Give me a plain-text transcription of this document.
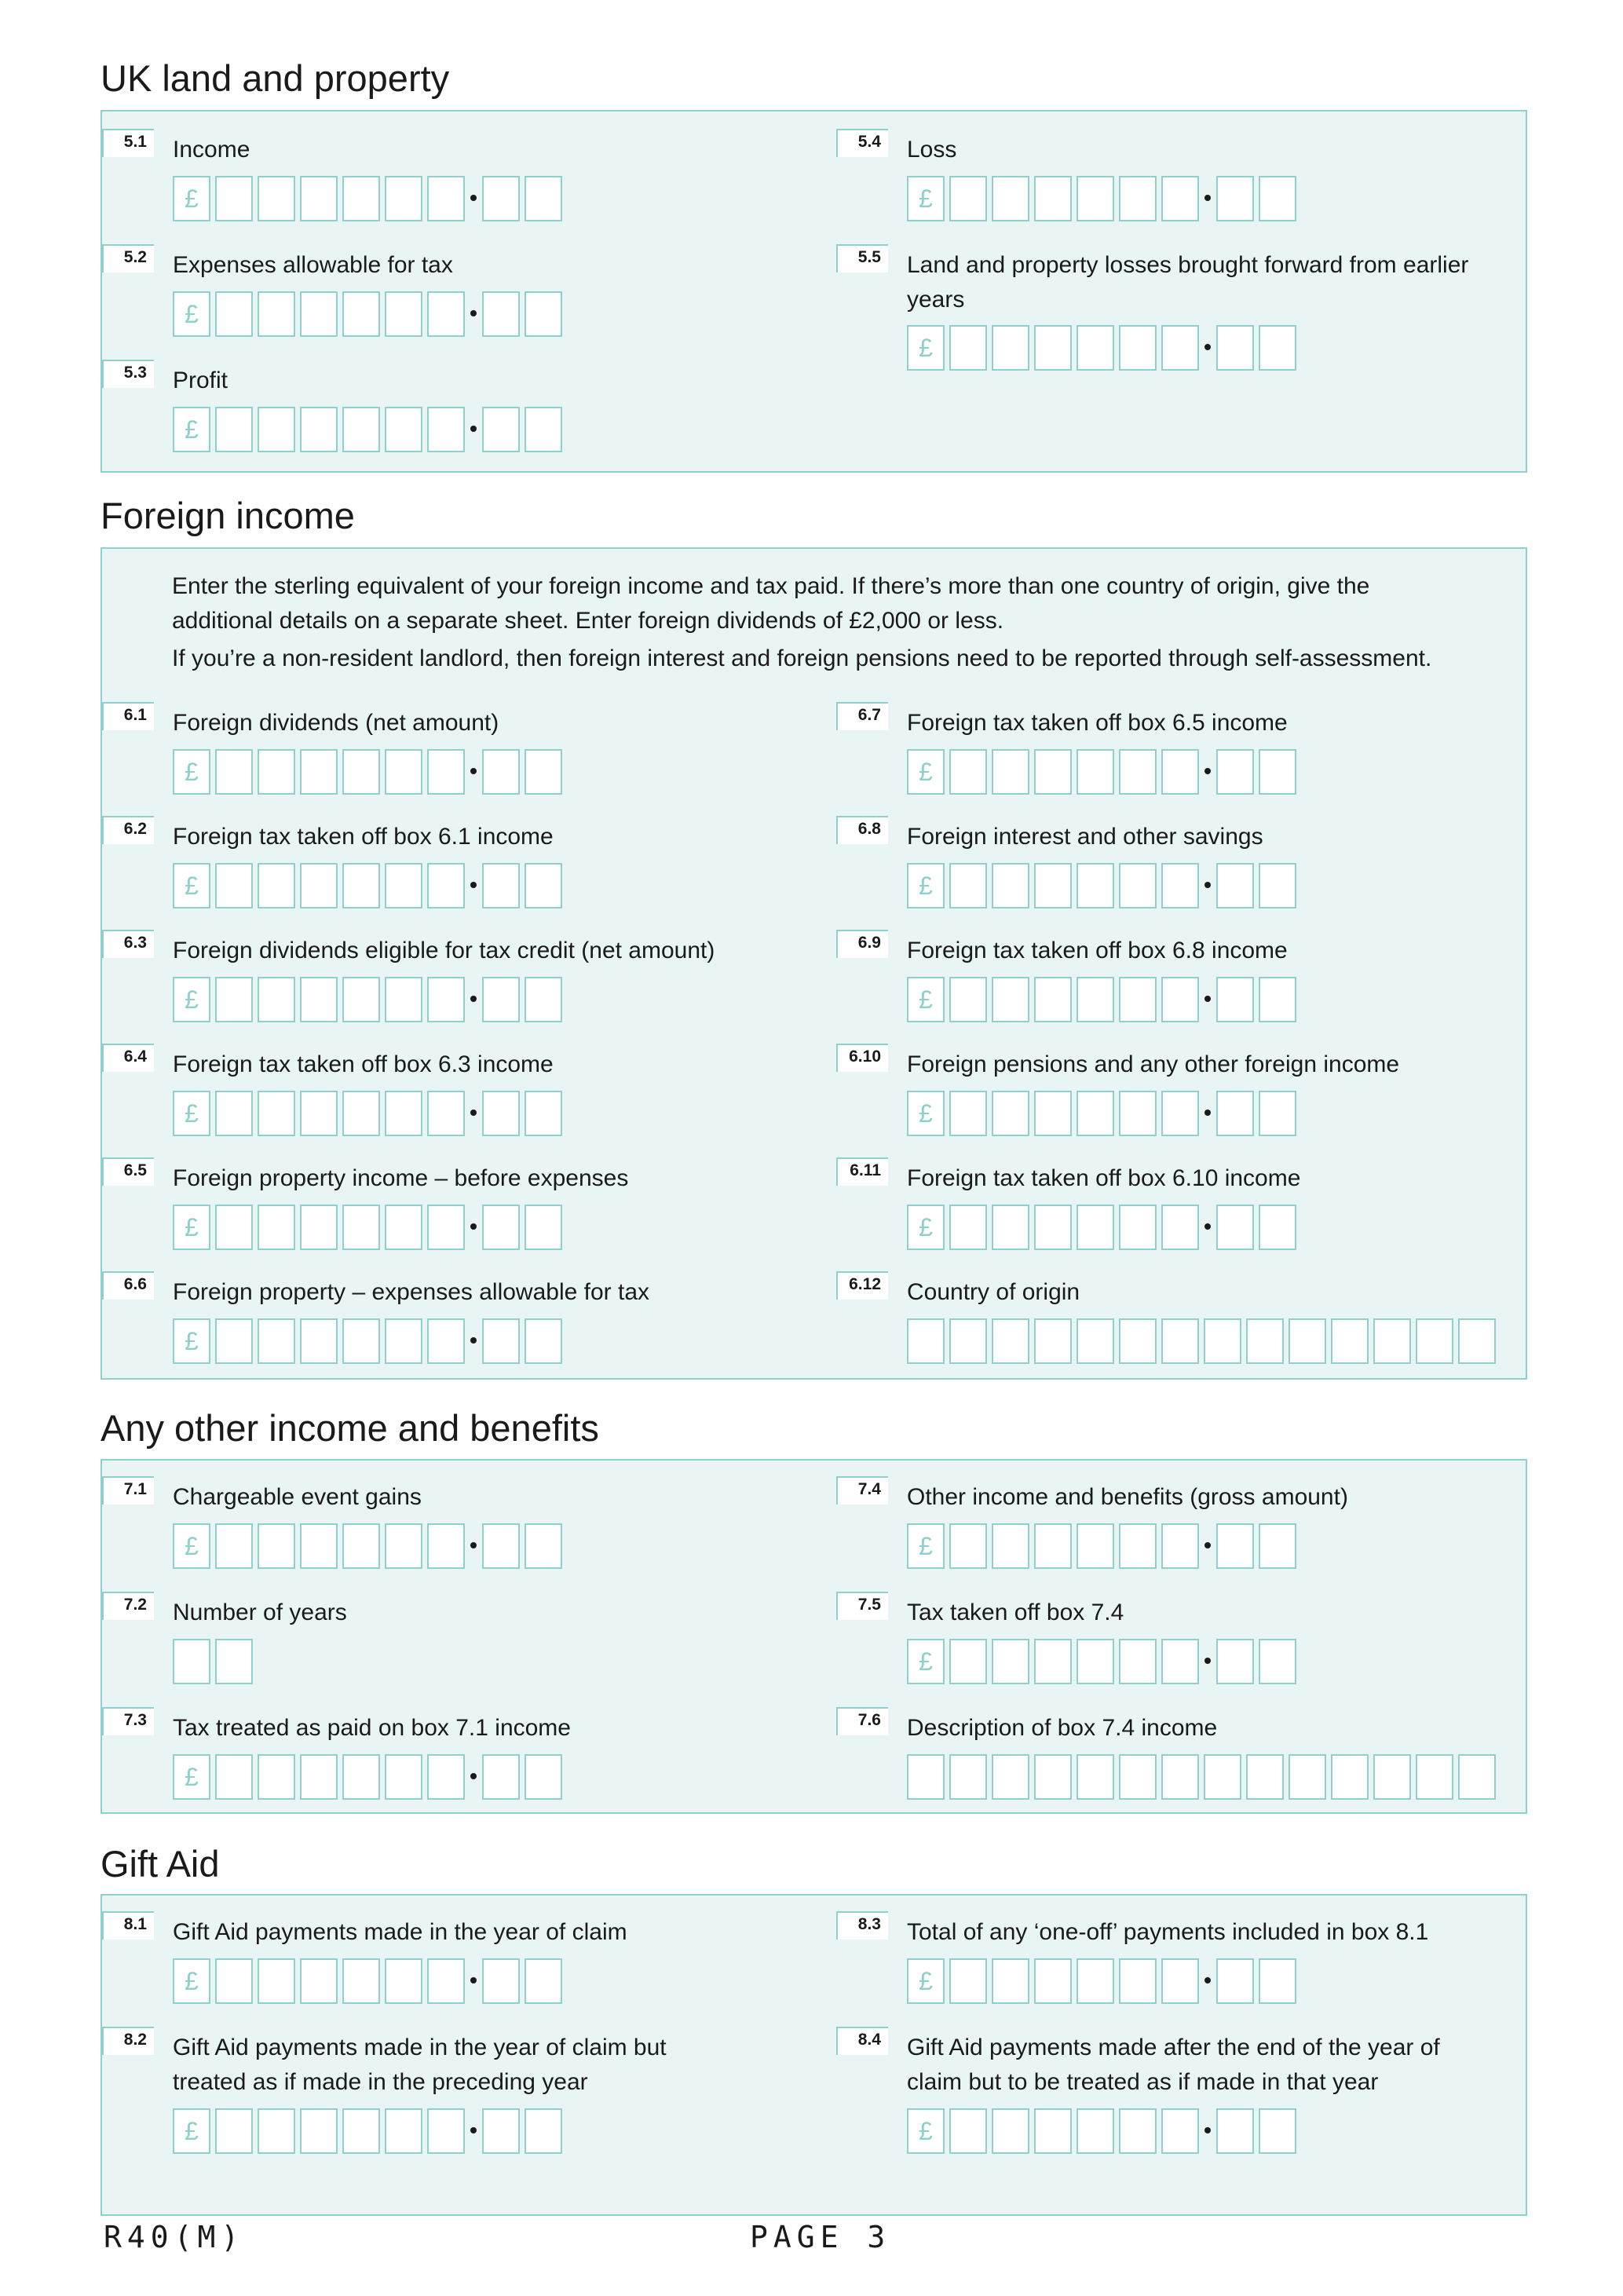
UK land and property
5.1	Income
£
5.2	Expenses allowable for tax
£
5.3	Profit
£
5.4	Loss
£
5.5	Land and property losses brought forward from earlier years
£
Foreign income

Enter the sterling equivalent of your foreign income and tax paid. If there’s more than one country of origin, give the additional details on a separate sheet. Enter foreign dividends of £2,000 or less.

If you’re a non-resident landlord, then foreign interest and foreign pensions need to be reported through self-assessment.

6.1	Foreign dividends (net amount)
£
6.2	Foreign tax taken off box 6.1 income
£
6.3	Foreign dividends eligible for tax credit (net amount)
£
6.4	Foreign tax taken off box 6.3 income
£
6.5	Foreign property income – before expenses
£
6.6	Foreign property – expenses allowable for tax
£
6.7	Foreign tax taken off box 6.5 income
£
6.8	Foreign interest and other savings
£
6.9	Foreign tax taken off box 6.8 income
£
6.10	Foreign pensions and any other foreign income
£
6.11	Foreign tax taken off box 6.10 income
£
6.12	Country of origin
Any other income and benefits
7.1	Chargeable event gains
£
7.2	Number of years
7.3	Tax treated as paid on box 7.1 income
£
7.4	Other income and benefits (gross amount)
£
7.5	Tax taken off box 7.4
£
7.6	Description of box 7.4 income
Gift Aid
8.1	Gift Aid payments made in the year of claim
£
8.2	Gift Aid payments made in the year of claim but treated as if made in the preceding year
£
8.3	Total of any ‘one-off’ payments included in box 8.1
£
8.4	Gift Aid payments made after the end of the year of claim but to be treated as if made in that year
£

R40(M)	PAGE 3
